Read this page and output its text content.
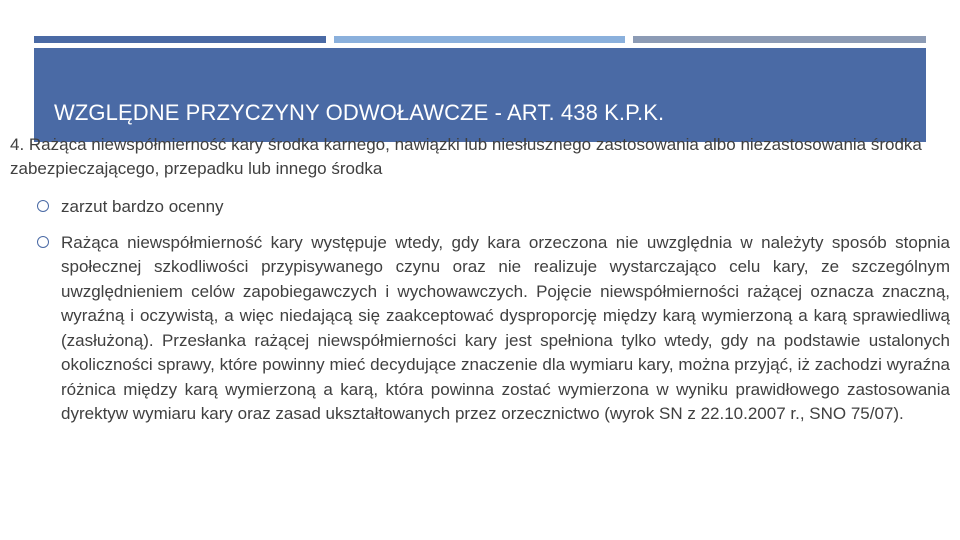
WZGLĘDNE PRZYCZYNY ODWOŁAWCZE - ART. 438 K.P.K.
4. Rażąca niewspółmierność kary środka karnego, nawiązki lub niesłusznego zastosowania albo niezastosowania środka zabezpieczającego, przepadku lub innego środka
zarzut bardzo ocenny
Rażąca niewspółmierność kary występuje wtedy, gdy kara orzeczona nie uwzględnia w należyty sposób stopnia społecznej szkodliwości przypisywanego czynu oraz nie realizuje wystarczająco celu kary, ze szczególnym uwzględnieniem celów zapobiegawczych i wychowawczych. Pojęcie niewspółmierności rażącej oznacza znaczną, wyraźną i oczywistą, a więc niedającą się zaakceptować dysproporcję między karą wymierzoną a karą sprawiedliwą (zasłużoną). Przesłanka rażącej niewspółmierności kary jest spełniona tylko wtedy, gdy na podstawie ustalonych okoliczności sprawy, które powinny mieć decydujące znaczenie dla wymiaru kary, można przyjąć, iż zachodzi wyraźna różnica między karą wymierzoną a karą, która powinna zostać wymierzona w wyniku prawidłowego zastosowania dyrektyw wymiaru kary oraz zasad ukształtowanych przez orzecznictwo (wyrok SN z 22.10.2007 r., SNO 75/07).
